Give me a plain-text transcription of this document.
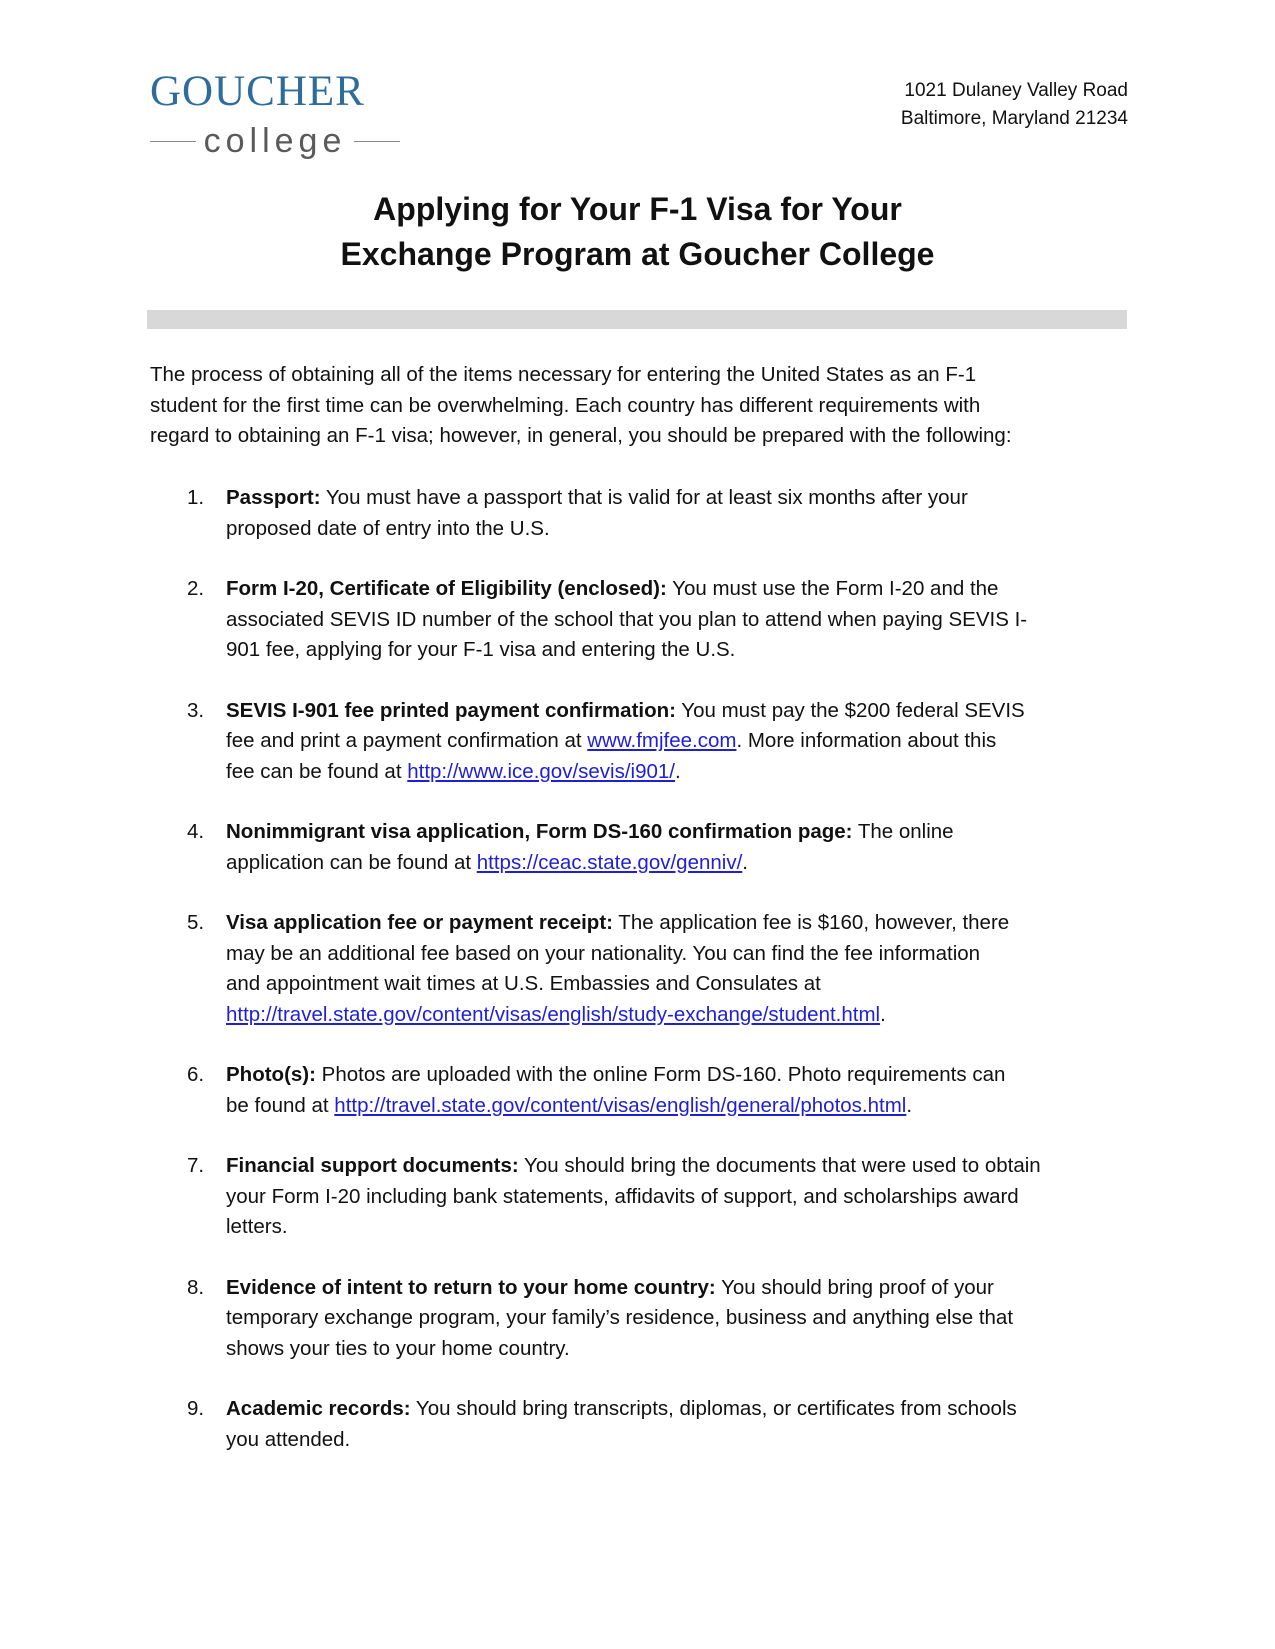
GOUCHER
college
1021 Dulaney Valley Road
Baltimore, Maryland 21234
Applying for Your F-1 Visa for Your
Exchange Program at Goucher College
The process of obtaining all of the items necessary for entering the United States as an F-1
student for the first time can be overwhelming. Each country has different requirements with
regard to obtaining an F-1 visa; however, in general, you should be prepared with the following:
1. Passport: You must have a passport that is valid for at least six months after your
proposed date of entry into the U.S.
2. Form I-20, Certificate of Eligibility (enclosed): You must use the Form I-20 and the
associated SEVIS ID number of the school that you plan to attend when paying SEVIS I-
901 fee, applying for your F-1 visa and entering the U.S.
3. SEVIS I-901 fee printed payment confirmation: You must pay the $200 federal SEVIS
fee and print a payment confirmation at www.fmjfee.com. More information about this
fee can be found at http://www.ice.gov/sevis/i901/.
4. Nonimmigrant visa application, Form DS-160 confirmation page: The online
application can be found at https://ceac.state.gov/genniv/.
5. Visa application fee or payment receipt: The application fee is $160, however, there
may be an additional fee based on your nationality. You can find the fee information
and appointment wait times at U.S. Embassies and Consulates at
http://travel.state.gov/content/visas/english/study-exchange/student.html.
6. Photo(s): Photos are uploaded with the online Form DS-160. Photo requirements can
be found at http://travel.state.gov/content/visas/english/general/photos.html.
7. Financial support documents: You should bring the documents that were used to obtain
your Form I-20 including bank statements, affidavits of support, and scholarships award
letters.
8. Evidence of intent to return to your home country: You should bring proof of your
temporary exchange program, your family’s residence, business and anything else that
shows your ties to your home country.
9. Academic records: You should bring transcripts, diplomas, or certificates from schools
you attended.
